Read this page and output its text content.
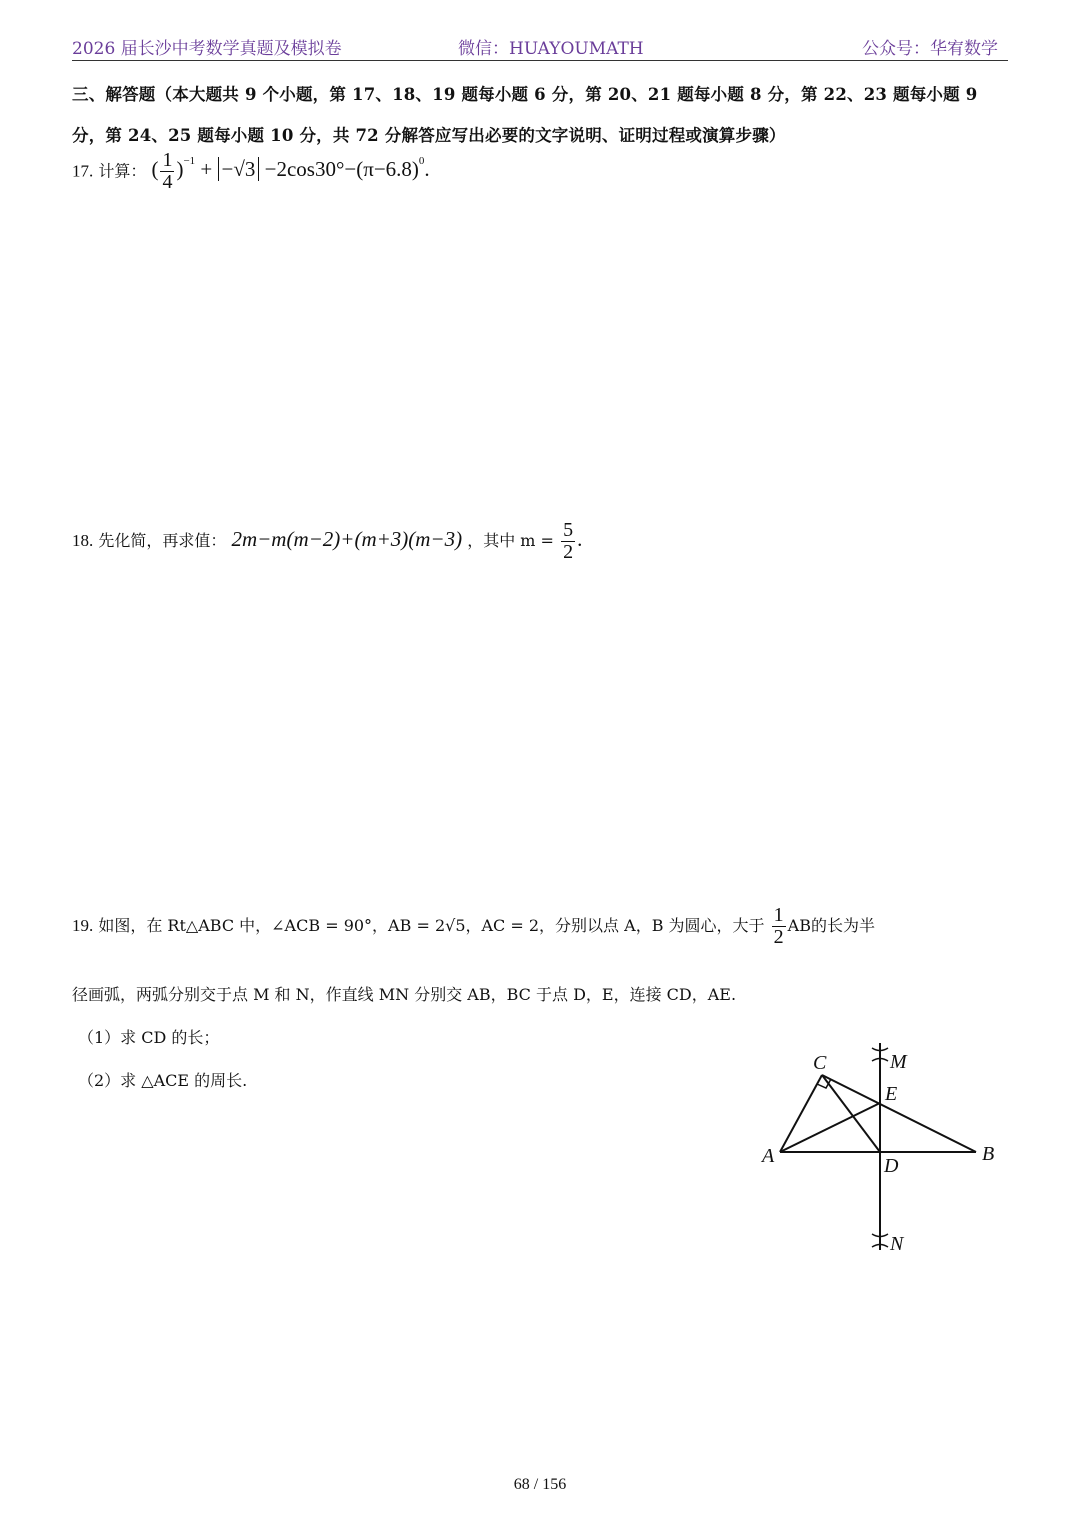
2026 届长沙中考数学真题及模拟卷	微信：HUAYOUMATH	公众号：华宥数学
三、解答题（本大题共 9 个小题，第 17、18、19 题每小题 6 分，第 20、21 题每小题 8 分，第 22、23 题每小题 9
分，第 24、25 题每小题 10 分，共 72 分解答应写出必要的文字说明、证明过程或演算步骤）
17. 计算： ( $\frac{1}{4} )^{-1} + -√3 -2\cos 30^\circ-(\pi-6.8)^0$.
18. 先化简，再求值： 2m−m(m−2)+(m+3)(m−3) ，其中 $m = \frac{5}{2}$ .
19. 如图，在 Rt△ABC 中，∠ACB = 90°，AB = 2√5，AC = 2，分别以点 A，B 为圆心，大于 $\frac{1}{2}$ AB的长为半
径画弧，两弧分别交于点 M 和 N，作直线 MN 分别交 AB，BC 于点 D，E，连接 CD，AE.
（1）求 CD 的长；
（2）求 △ACE 的周长.
C	M
E
A	B
D
N
68 / 156
